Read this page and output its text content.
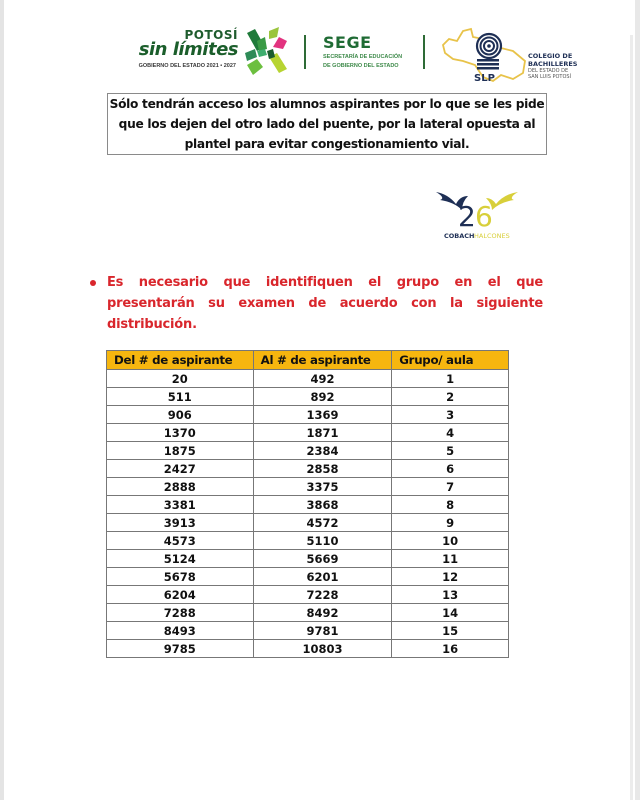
POTOSÍ
sin límites
GOBIERNO DEL ESTADO 2021 • 2027
SEGE
SECRETARÍA DE EDUCACIÓN
DE GOBIERNO DEL ESTADO
SLP
COLEGIO DE
BACHILLERES
DEL ESTADO DE
SAN LUIS POTOSÍ
Sólo tendrán acceso los alumnos aspirantes por lo que se les pide que los dejen del otro lado del puente, por la lateral opuesta al plantel para evitar congestionamiento vial.
2 6
COBACH HALCONES
Es necesario que identifiquen el grupo en el que presentarán su examen de acuerdo con la siguiente distribución.
Del # de aspirante	Al # de aspirante	Grupo/ aula
20	492	1
511	892	2
906	1369	3
1370	1871	4
1875	2384	5
2427	2858	6
2888	3375	7
3381	3868	8
3913	4572	9
4573	5110	10
5124	5669	11
5678	6201	12
6204	7228	13
7288	8492	14
8493	9781	15
9785	10803	16
